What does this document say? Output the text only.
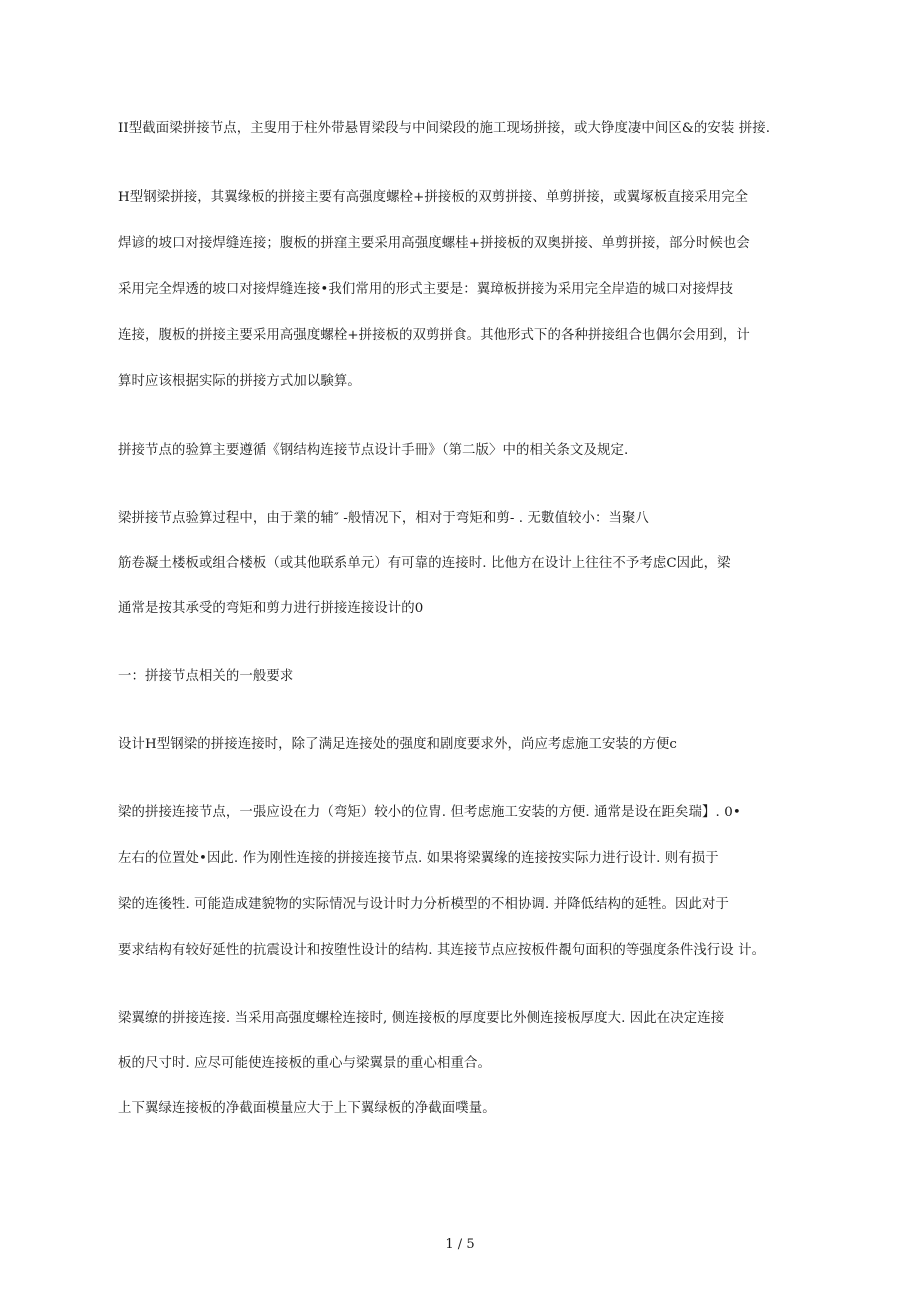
II型截面梁拼接节点，主叟用于柱外带悬胃梁段与中间梁段的施工现场拼接，或大铮度凄中间区&的安装 拼接.
H型钢梁拼接，其翼缘板的拼接主要有高强度螺栓+拼接板的双剪拼接、单剪拼接，或翼塚板直接采用完全
焊谚的坡口对接焊缝连接；腹板的拼窪主要采用高强度螺桂+拼接板的双奥拼接、单剪拼接，部分时候也会
采用完全焊透的坡口对接焊缝连接•我们常用的形式主要是：翼璋板拼接为采用完全岸造的城口对接焊技
连接，腹板的拼接主要采用高强度螺栓+拼接板的双剪拼食。其他形式下的各种拼接组合也偶尔会用到，计
算时应该根据实际的拼接方式加以験算。
拼接节点的验算主要遵循《钢结构连接节点设计手冊》（第二版〉中的相关条文及规定.
梁拼接节点验算过程中，由于業的辅″ -般情况下，相对于弯矩和剪- . 无數值较小：当聚八
筋卷凝土楼板或组合楼板（或其他联系单元）有可靠的连接时. 比他方在设计上往往不予考虑C因此，梁
通常是按其承受的弯矩和剪力进行拼接连接设计的0
一：拼接节点相关的一般要求
设计H型钢梁的拼接连接时，除了满足连接处的强度和剧度要求外，尚应考虑施工安装的方便c
梁的拼接连接节点，一張应设在力（弯矩）较小的位冑. 但考虑施工安装的方便. 通常是设在距矣瑞】. 0•
左右的位置处•因此. 作为刚性连接的拼接连接节点. 如果将梁翼缘的连接按实际力进行设计. 则有损于
梁的连後牲. 可能造成建貌物的实际情况与设计时力分析模型的不相协调. 并降低结构的延牲。因此对于
要求结构有较好延性的抗震设计和按堕性设计的结构. 其连接节点应按板件覩句面积的等强度条件浅行设 计。
梁翼缭的拼接连接. 当采用高强度螺栓连接时, 侧连接板的厚度要比外侧连接板厚度大. 因此在决定连接
板的尺寸时. 应尽可能使连接板的重心与梁翼景的重心相重合。
上下翼绿连接板的净截面模量应大于上下翼绿板的净截面噗量。
1 / 5
